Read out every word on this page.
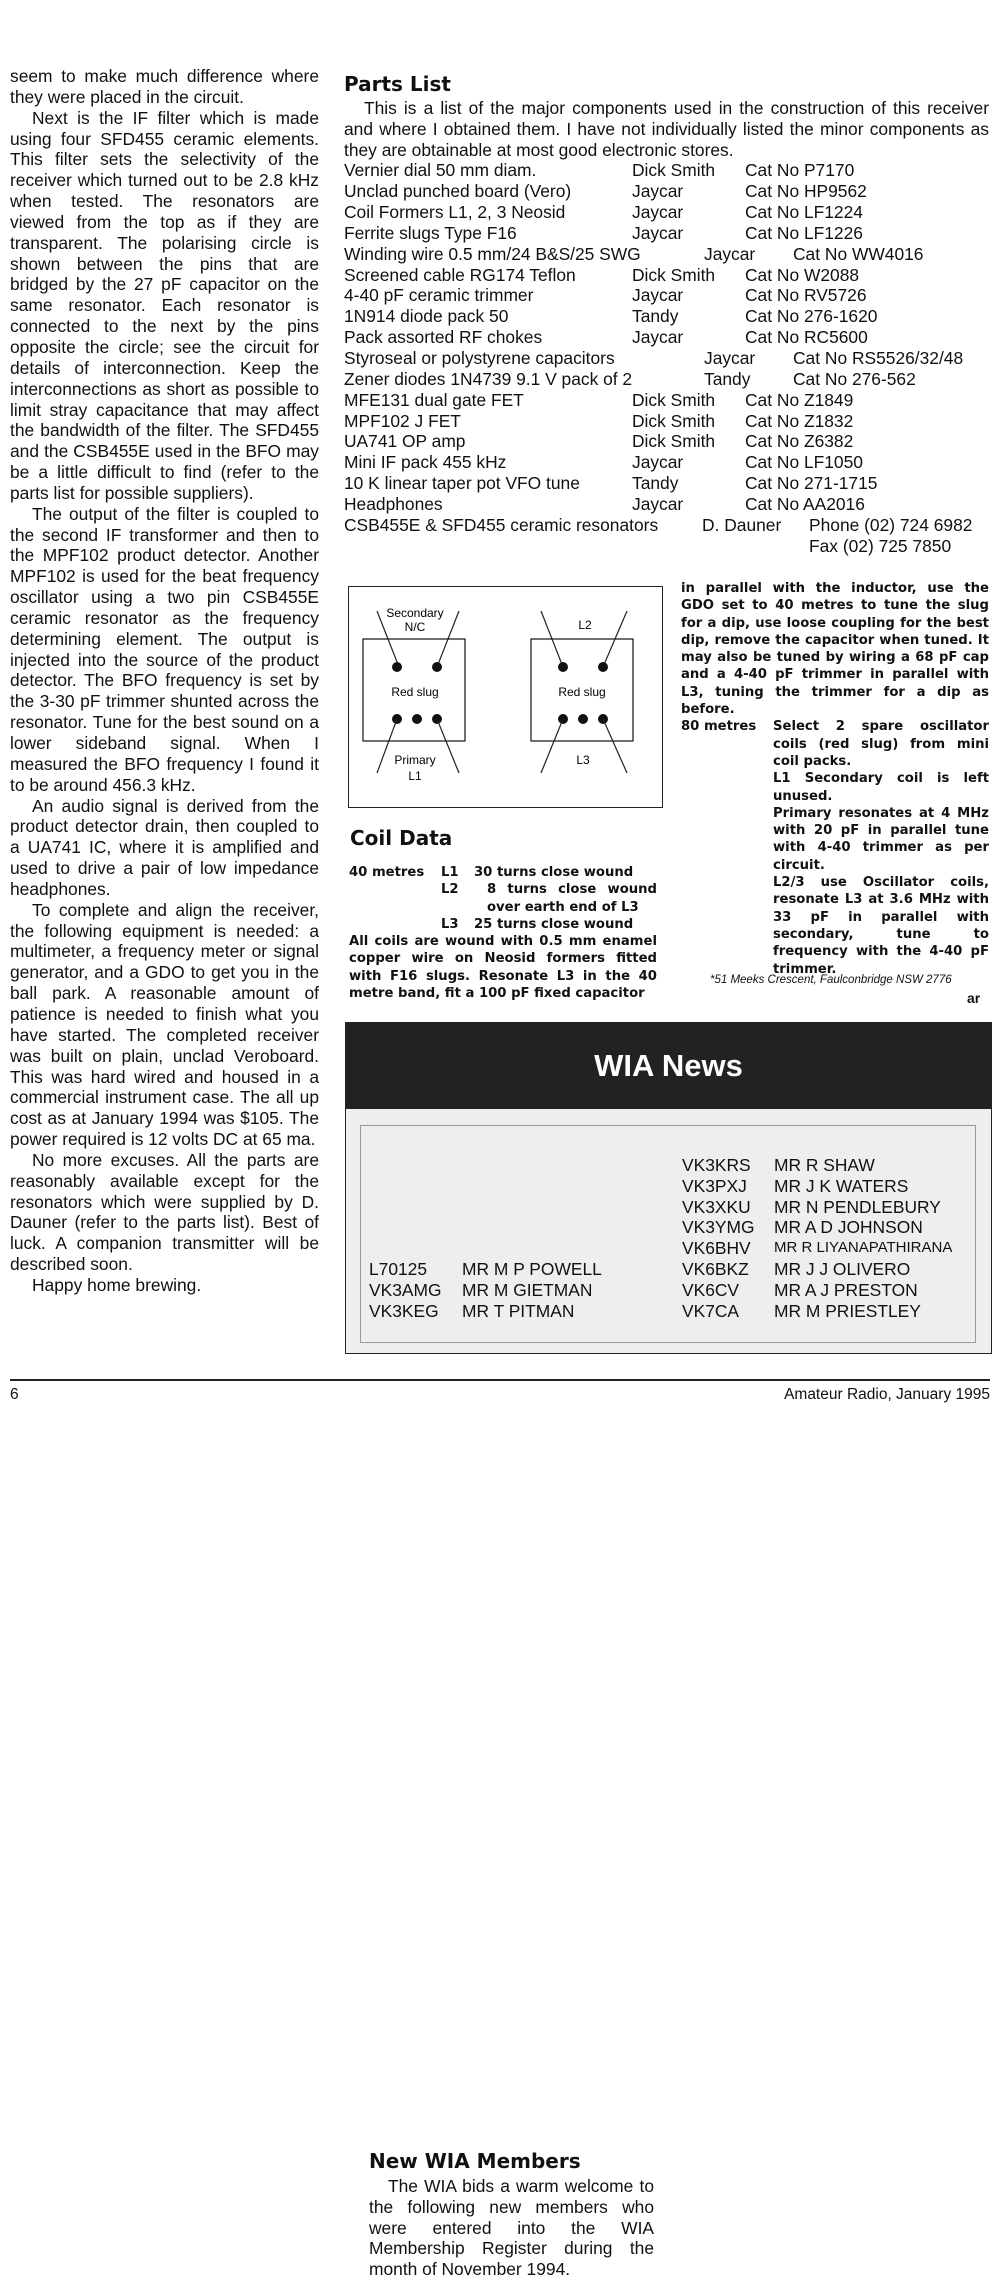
seem to make much difference where they were placed in the circuit.

Next is the IF filter which is made using four SFD455 ceramic elements. This filter sets the selectivity of the receiver which turned out to be 2.8 kHz when tested. The resonators are viewed from the top as if they are transparent. The polarising circle is shown between the pins that are bridged by the 27 pF capacitor on the same resonator. Each resonator is connected to the next by the pins opposite the circle; see the circuit for details of interconnection. Keep the interconnections as short as possible to limit stray capacitance that may affect the bandwidth of the filter. The SFD455 and the CSB455E used in the BFO may be a little difficult to find (refer to the parts list for possible suppliers).

The output of the filter is coupled to the second IF transformer and then to the MPF102 product detector. Another MPF102 is used for the beat frequency oscillator using a two pin CSB455E ceramic resonator as the frequency determining element. The output is injected into the source of the product detector. The BFO frequency is set by the 3-30 pF trimmer shunted across the resonator. Tune for the best sound on a lower sideband signal. When I measured the BFO frequency I found it to be around 456.3 kHz.

An audio signal is derived from the product detector drain, then coupled to a UA741 IC, where it is amplified and used to drive a pair of low impedance headphones.

To complete and align the receiver, the following equipment is needed: a multimeter, a frequency meter or signal generator, and a GDO to get you in the ball park. A reasonable amount of patience is needed to finish what you have started. The completed receiver was built on plain, unclad Veroboard. This was hard wired and housed in a commercial instrument case. The all up cost as at January 1994 was $105. The power required is 12 volts DC at 65 ma.

No more excuses. All the parts are reasonably available except for the resonators which were supplied by D. Dauner (refer to the parts list). Best of luck. A companion transmitter will be described soon.

Happy home brewing.

Parts List

This is a list of the major components used in the construction of this receiver and where I obtained them. I have not individually listed the minor components as they are obtainable at most good electronic stores.

Vernier dial 50 mm diam.	Dick Smith Cat No P7170
Unclad punched board (Vero)	Jaycar	Cat No HP9562
Coil Formers L1, 2, 3 Neosid	Jaycar	Cat No LF1224
Ferrite slugs Type F16	Jaycar	Cat No LF1226
Winding wire 0.5 mm/24 B&S/25 SWG	Jaycar Cat No WW4016
Screened cable RG174 Teflon	Dick Smith Cat No W2088
4-40 pF ceramic trimmer	Jaycar	Cat No RV5726
1N914 diode pack 50	Tandy	Cat No 276-1620
Pack assorted RF chokes	Jaycar	Cat No RC5600
Styroseal or polystyrene capacitors	Jaycar Cat No RS5526/32/48
Zener diodes 1N4739 9.1 V pack of 2	Tandy Cat No 276-562
MFE131 dual gate FET	Dick Smith Cat No Z1849
MPF102 J FET	Dick Smith Cat No Z1832
UA741 OP amp	Dick Smith Cat No Z6382
Mini IF pack 455 kHz	Jaycar	Cat No LF1050
10 K linear taper pot VFO tune	Tandy	Cat No 271-1715
Headphones	Jaycar	Cat No AA2016
CSB455E & SFD455 ceramic resonators	D. Dauner Phone (02) 724 6982
Fax (02) 725 7850
Secondary
N/C
Red slug
Primary
L1
L2
Red slug
L3
Coil Data
40 metres L1 30 turns close wound
L2 8 turns close wound over earth end of L3
L3 25 turns close wound
All coils are wound with 0.5 mm enamel copper wire on Neosid formers fitted with F16 slugs. Resonate L3 in the 40 metre band, fit a 100 pF fixed capacitor
in parallel with the inductor, use the GDO set to 40 metres to tune the slug for a dip, use loose coupling for the best dip, remove the capacitor when tuned. It may also be tuned by wiring a 68 pF cap and a 4-40 pF trimmer in parallel with L3, tuning the trimmer for a dip as before.
80 metres	Select 2 spare oscillator coils (red slug) from mini coil packs.
L1 Secondary coil is left unused.
Primary resonates at 4 MHz with 20 pF in parallel tune with 4-40 trimmer as per circuit.
L2/3 use Oscillator coils, resonate L3 at 3.6 MHz with 33 pF in parallel with secondary, tune to frequency with the 4-40 pF trimmer.
*51 Meeks Crescent, Faulconbridge NSW 2776
ar
WIA News
New WIA Members

The WIA bids a warm welcome to the following new members who were entered into the WIA Membership Register during the month of November 1994.

L70125 MR M P POWELL
VK3AMG MR M GIETMAN
VK3KEG MR T PITMAN
VK3KRS MR R SHAW
VK3PXJ MR J K WATERS
VK3XKU MR N PENDLEBURY
VK3YMG MR A D JOHNSON
VK6BHV MR R LIYANAPATHIRANA
VK6BKZ MR J J OLIVERO
VK6CV MR A J PRESTON
VK7CA MR M PRIESTLEY
6	Amateur Radio, January 1995
